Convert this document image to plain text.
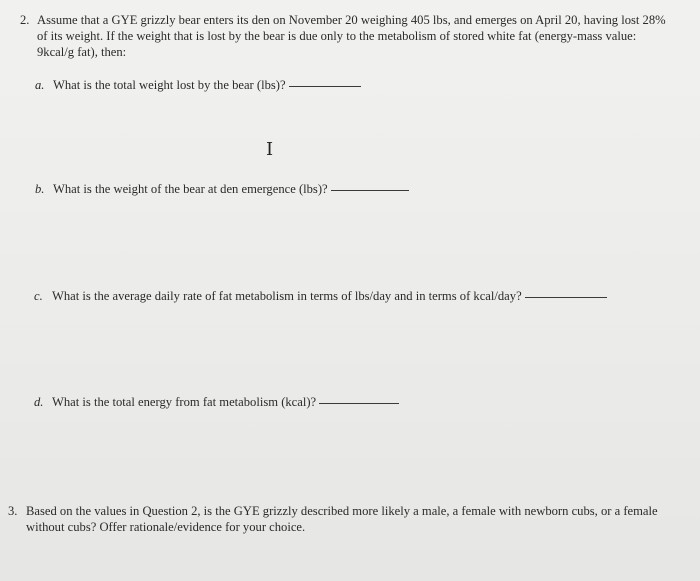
2. Assume that a GYE grizzly bear enters its den on November 20 weighing 405 lbs, and emerges on April 20, having lost 28% of its weight. If the weight that is lost by the bear is due only to the metabolism of stored white fat (energy-mass value: 9kcal/g fat), then:
a. What is the total weight lost by the bear (lbs)?
I
b. What is the weight of the bear at den emergence (lbs)?
c. What is the average daily rate of fat metabolism in terms of lbs/day and in terms of kcal/day?
d. What is the total energy from fat metabolism (kcal)?
3. Based on the values in Question 2, is the GYE grizzly described more likely a male, a female with newborn cubs, or a female without cubs? Offer rationale/evidence for your choice.
